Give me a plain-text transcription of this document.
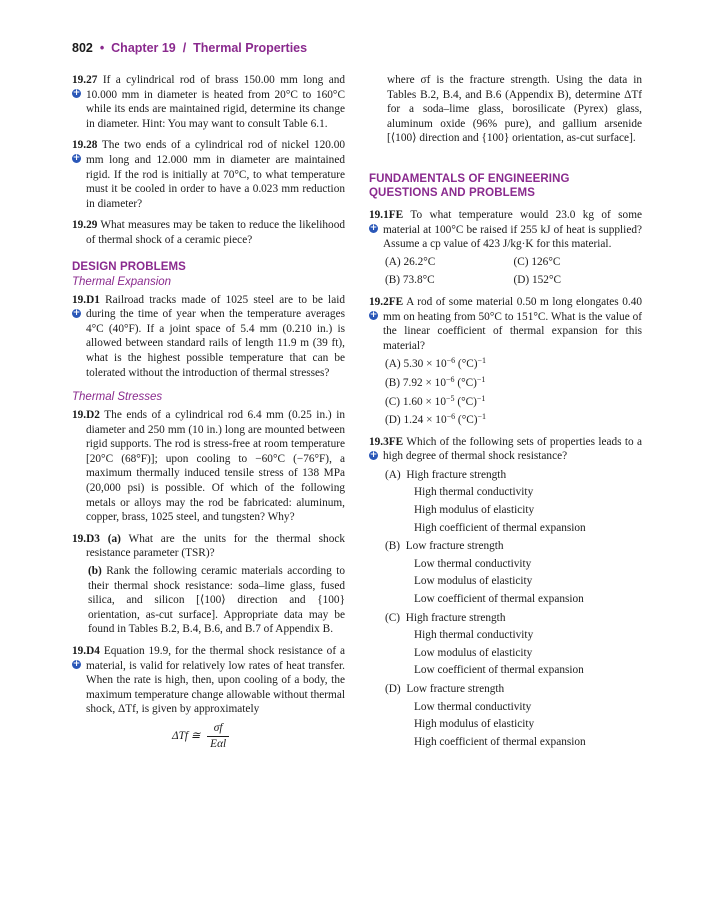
802 • Chapter 19 / Thermal Properties
+
19.27 If a cylindrical rod of brass 150.00 mm long and 10.000 mm in diameter is heated from 20°C to 160°C while its ends are maintained rigid, determine its change in diameter. Hint: You may want to consult Table 6.1.
+
19.28 The two ends of a cylindrical rod of nickel 120.00 mm long and 12.000 mm in diameter are maintained rigid. If the rod is initially at 70°C, to what temperature must it be cooled in order to have a 0.023 mm reduction in diameter?
19.29 What measures may be taken to reduce the likelihood of thermal shock of a ceramic piece?
DESIGN PROBLEMS
Thermal Expansion
+
19.D1 Railroad tracks made of 1025 steel are to be laid during the time of year when the temperature averages 4°C (40°F). If a joint space of 5.4 mm (0.210 in.) is allowed between standard rails of length 11.9 m (39 ft), what is the highest possible temperature that can be tolerated without the introduction of thermal stresses?
Thermal Stresses
19.D2 The ends of a cylindrical rod 6.4 mm (0.25 in.) in diameter and 250 mm (10 in.) long are mounted between rigid supports. The rod is stress-free at room temperature [20°C (68°F)]; upon cooling to −60°C (−76°F), a maximum thermally induced tensile stress of 138 MPa (20,000 psi) is possible. Of which of the following metals or alloys may the rod be fabricated: aluminum, copper, brass, 1025 steel, and tungsten? Why?
19.D3 (a) What are the units for the thermal shock resistance parameter (TSR)?
(b) Rank the following ceramic materials according to their thermal shock resistance: soda–lime glass, fused silica, and silicon [⟨100⟩ direction and {100} orientation, as-cut surface]. Appropriate data may be found in Tables B.2, B.4, B.6, and B.7 of Appendix B.
+
19.D4 Equation 19.9, for the thermal shock resistance of a material, is valid for relatively low rates of heat transfer. When the rate is high, then, upon cooling of a body, the maximum temperature change allowable without thermal shock, ΔTf, is given by approximately
ΔTf ≅
σf
Eαl
where σf is the fracture strength. Using the data in Tables B.2, B.4, and B.6 (Appendix B), determine ΔTf for a soda–lime glass, borosilicate (Pyrex) glass, aluminum oxide (96% pure), and gallium arsenide [⟨100⟩ direction and {100} orientation, as-cut surface].
FUNDAMENTALS OF ENGINEERING
QUESTIONS AND PROBLEMS
+
19.1FE To what temperature would 23.0 kg of some material at 100°C be raised if 255 kJ of heat is supplied? Assume a cp value of 423 J/kg·K for this material.
(A) 26.2°C	(C) 126°C
(B) 73.8°C	(D) 152°C
+
19.2FE A rod of some material 0.50 m long elongates 0.40 mm on heating from 50°C to 151°C. What is the value of the linear coefficient of thermal expansion for this material?
(A) $5.30 \times 10^{-6}$ $(^\circ C)^{-1}$
(B) $7.92 \times 10^{-6}$ $(^\circ C)^{-1}$
(C) $1.60 \times 10^{-5}$ $(^\circ C)^{-1}$
(D) $1.24 \times 10^{-6}$ $(^\circ C)^{-1}$
+
19.3FE Which of the following sets of properties leads to a high degree of thermal shock resistance?
(A) High fracture strength
High thermal conductivity
High modulus of elasticity
High coefficient of thermal expansion
(B) Low fracture strength
Low thermal conductivity
Low modulus of elasticity
Low coefficient of thermal expansion
(C) High fracture strength
High thermal conductivity
Low modulus of elasticity
Low coefficient of thermal expansion
(D) Low fracture strength
Low thermal conductivity
High modulus of elasticity
High coefficient of thermal expansion
